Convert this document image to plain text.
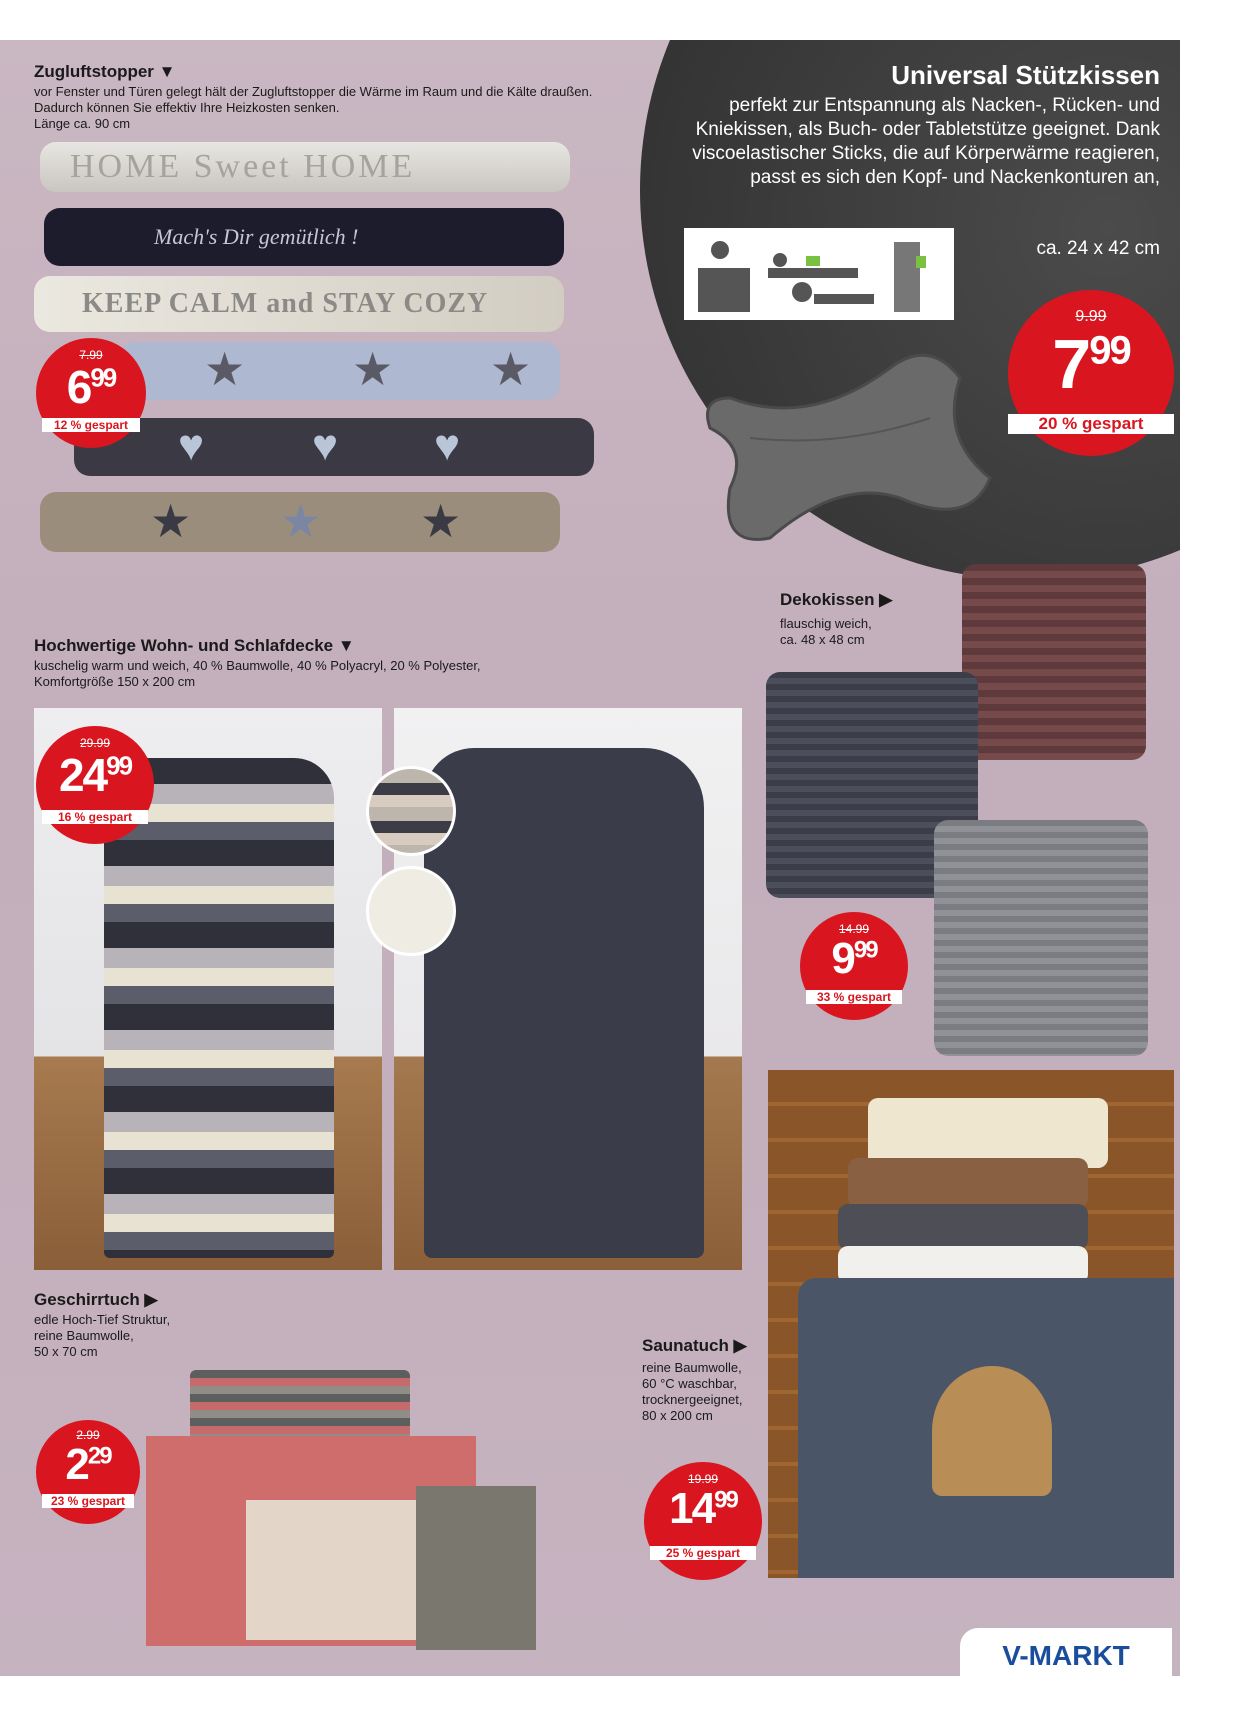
Zugluftstopper ▼
vor Fenster und Türen gelegt hält der Zugluftstopper die Wärme im Raum und die Kälte draußen. Dadurch können Sie effektiv Ihre Heizkosten senken.
Länge ca. 90 cm
HOME Sweet HOME
Mach's Dir gemütlich !
KEEP CALM and STAY COZY
★ ★ ★
♥ ♥ ♥
★ ★ ★
7.99
$6^{99}$
12 % gespart
Universal Stützkissen
perfekt zur Entspannung als Nacken-, Rücken- und Kniekissen, als Buch- oder Tabletstütze geeignet. Dank viscoelastischer Sticks, die auf Körperwärme reagieren, passt es sich den Kopf- und Nackenkonturen an,
ca. 24 x 42 cm
9.99
$7^{99}$
20 % gespart
Hochwertige Wohn- und Schlafdecke ▼
kuschelig warm und weich, 40 % Baumwolle, 40 % Polyacryl, 20 % Polyester,
Komfortgröße 150 x 200 cm
29.99
$24^{99}$
16 % gespart
Dekokissen ▶
flauschig weich,
ca. 48 x 48 cm
14.99
$9^{99}$
33 % gespart
Geschirrtuch ▶
edle Hoch-Tief Struktur,
reine Baumwolle,
50 x 70 cm
2.99
$2^{29}$
23 % gespart
Saunatuch ▶
reine Baumwolle,
60 °C waschbar,
trocknergeeignet,
80 x 200 cm
19.99
$14^{99}$
25 % gespart
V-MARKT
